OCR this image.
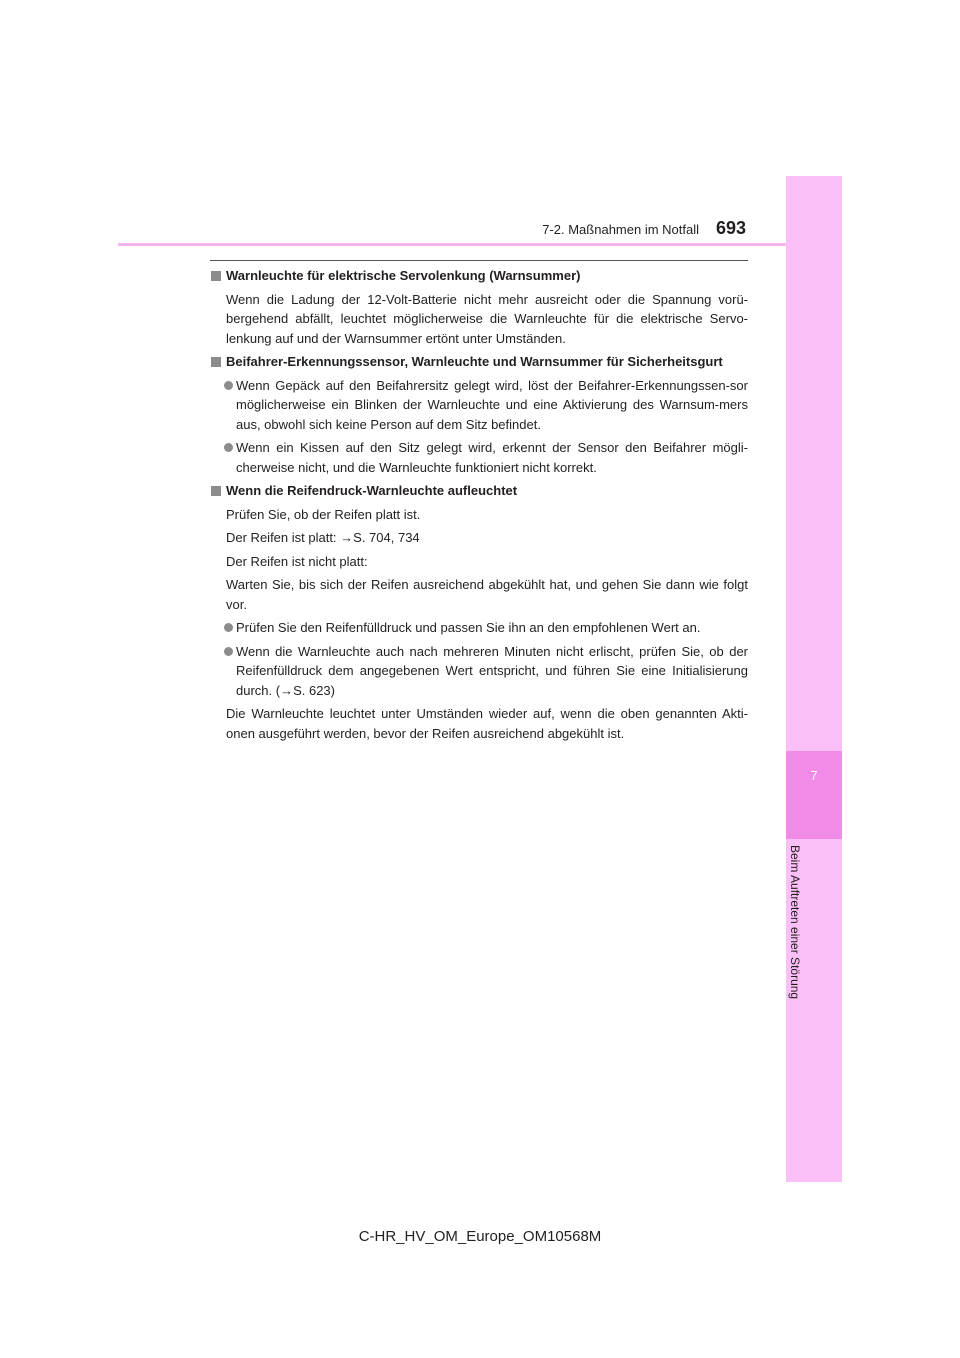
7-2. Maßnahmen im Notfall 693
7
Beim Auftreten einer Störung
Warnleuchte für elektrische Servolenkung (Warnsummer)
Wenn die Ladung der 12-Volt-Batterie nicht mehr ausreicht oder die Spannung vorü-bergehend abfällt, leuchtet möglicherweise die Warnleuchte für die elektrische Servo-lenkung auf und der Warnsummer ertönt unter Umständen.
Beifahrer-Erkennungssensor, Warnleuchte und Warnsummer für Sicherheitsgurt
Wenn Gepäck auf den Beifahrersitz gelegt wird, löst der Beifahrer-Erkennungssen-sor möglicherweise ein Blinken der Warnleuchte und eine Aktivierung des Warnsum-mers aus, obwohl sich keine Person auf dem Sitz befindet.
Wenn ein Kissen auf den Sitz gelegt wird, erkennt der Sensor den Beifahrer mögli-cherweise nicht, und die Warnleuchte funktioniert nicht korrekt.
Wenn die Reifendruck-Warnleuchte aufleuchtet
Prüfen Sie, ob der Reifen platt ist.
Der Reifen ist platt: →S. 704, 734
Der Reifen ist nicht platt:
Warten Sie, bis sich der Reifen ausreichend abgekühlt hat, und gehen Sie dann wie folgt vor.
Prüfen Sie den Reifenfülldruck und passen Sie ihn an den empfohlenen Wert an.
Wenn die Warnleuchte auch nach mehreren Minuten nicht erlischt, prüfen Sie, ob der Reifenfülldruck dem angegebenen Wert entspricht, und führen Sie eine Initialisierung durch. (→S. 623)
Die Warnleuchte leuchtet unter Umständen wieder auf, wenn die oben genannten Akti-onen ausgeführt werden, bevor der Reifen ausreichend abgekühlt ist.
C-HR_HV_OM_Europe_OM10568M
